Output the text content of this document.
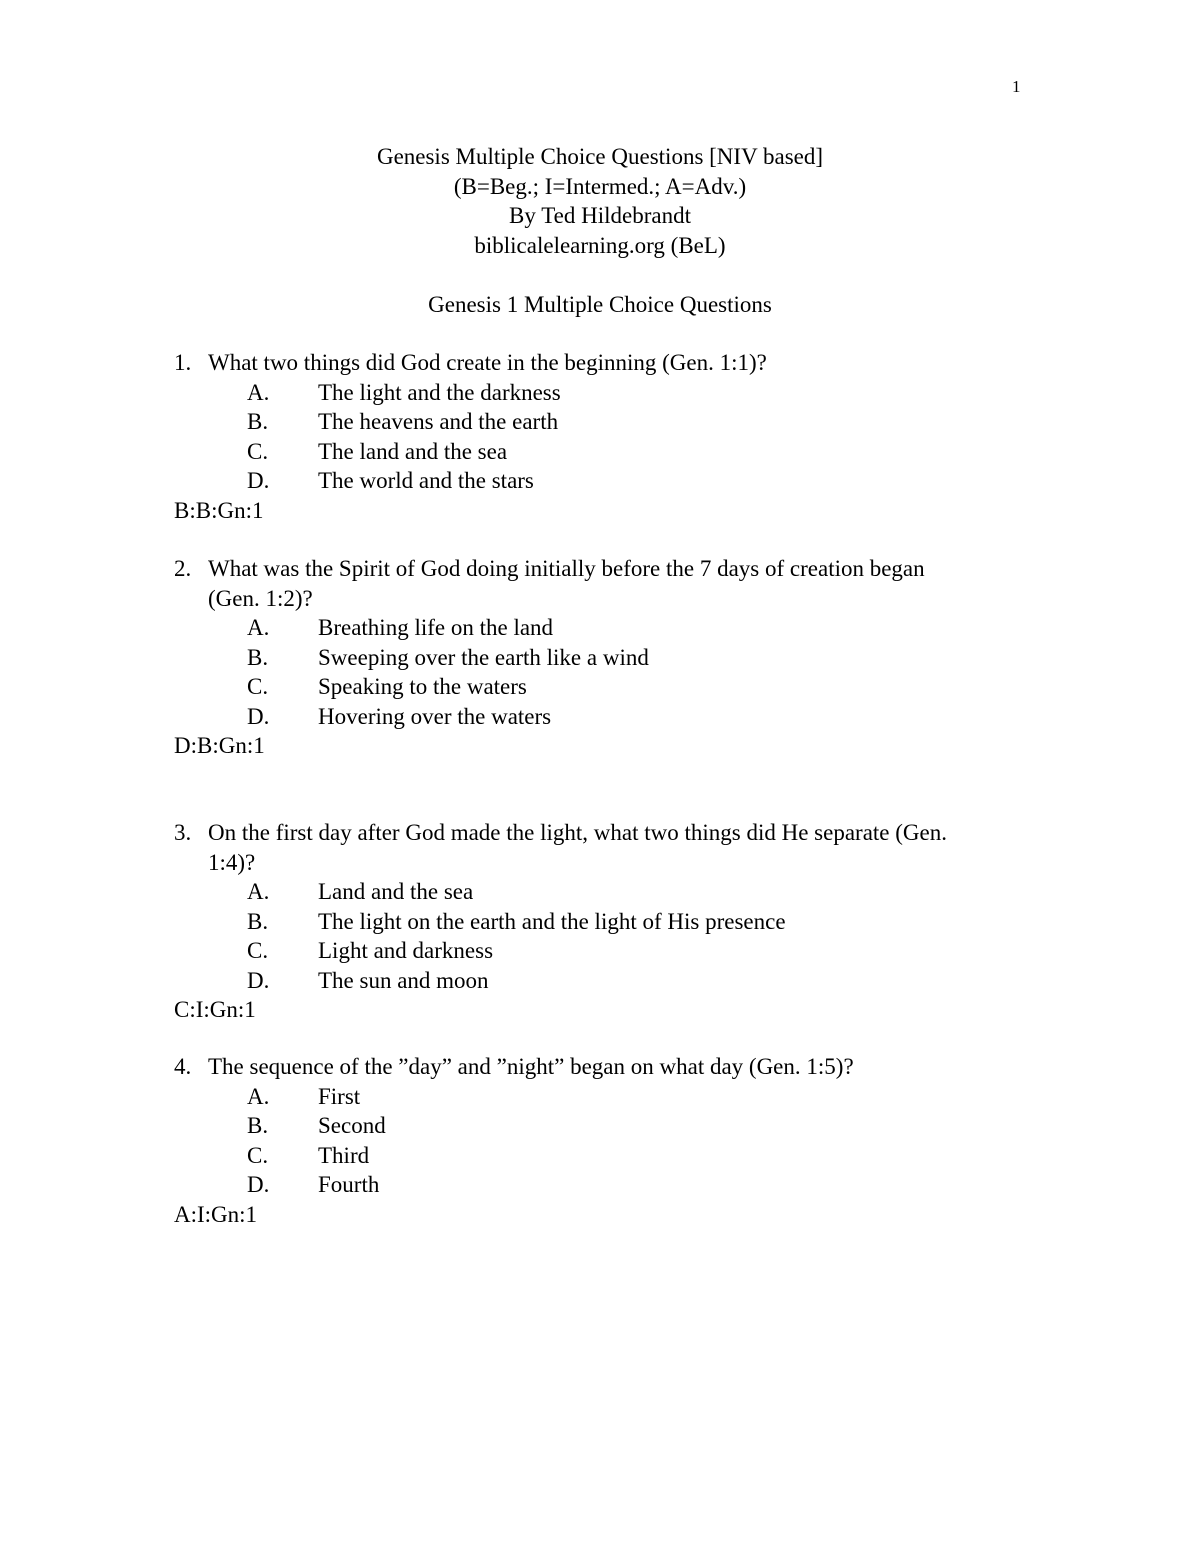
1
Genesis Multiple Choice Questions [NIV based]
(B=Beg.; I=Intermed.; A=Adv.)
By Ted Hildebrandt
biblicalelearning.org (BeL)
Genesis 1 Multiple Choice Questions
1. What two things did God create in the beginning (Gen. 1:1)?
A. The light and the darkness
B. The heavens and the earth
C. The land and the sea
D. The world and the stars
B:B:Gn:1
2. What was the Spirit of God doing initially before the 7 days of creation began (Gen. 1:2)?
A. Breathing life on the land
B. Sweeping over the earth like a wind
C. Speaking to the waters
D. Hovering over the waters
D:B:Gn:1
3. On the first day after God made the light, what two things did He separate (Gen. 1:4)?
A. Land and the sea
B. The light on the earth and the light of His presence
C. Light and darkness
D. The sun and moon
C:I:Gn:1
4. The sequence of the ”day” and ”night” began on what day (Gen. 1:5)?
A. First
B. Second
C. Third
D. Fourth
A:I:Gn:1
